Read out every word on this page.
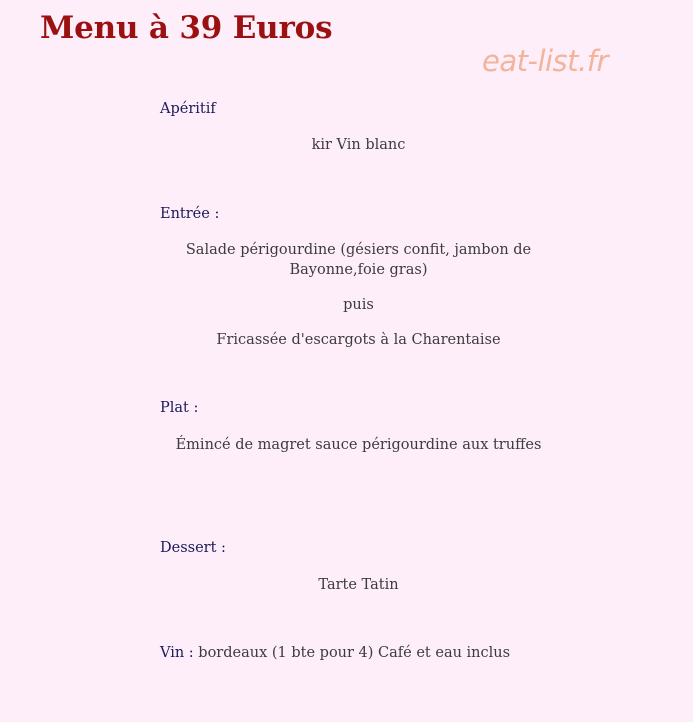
Menu à 39 Euros
eat-list.fr
Apéritif
kir Vin blanc
Entrée :
Salade périgourdine (gésiers confit, jambon de Bayonne,foie gras)
puis
Fricassée d'escargots à la Charentaise
Plat :
Émincé de magret sauce périgourdine aux truffes
Dessert :
Tarte Tatin
Vin : bordeaux (1 bte pour 4) Café et eau inclus
